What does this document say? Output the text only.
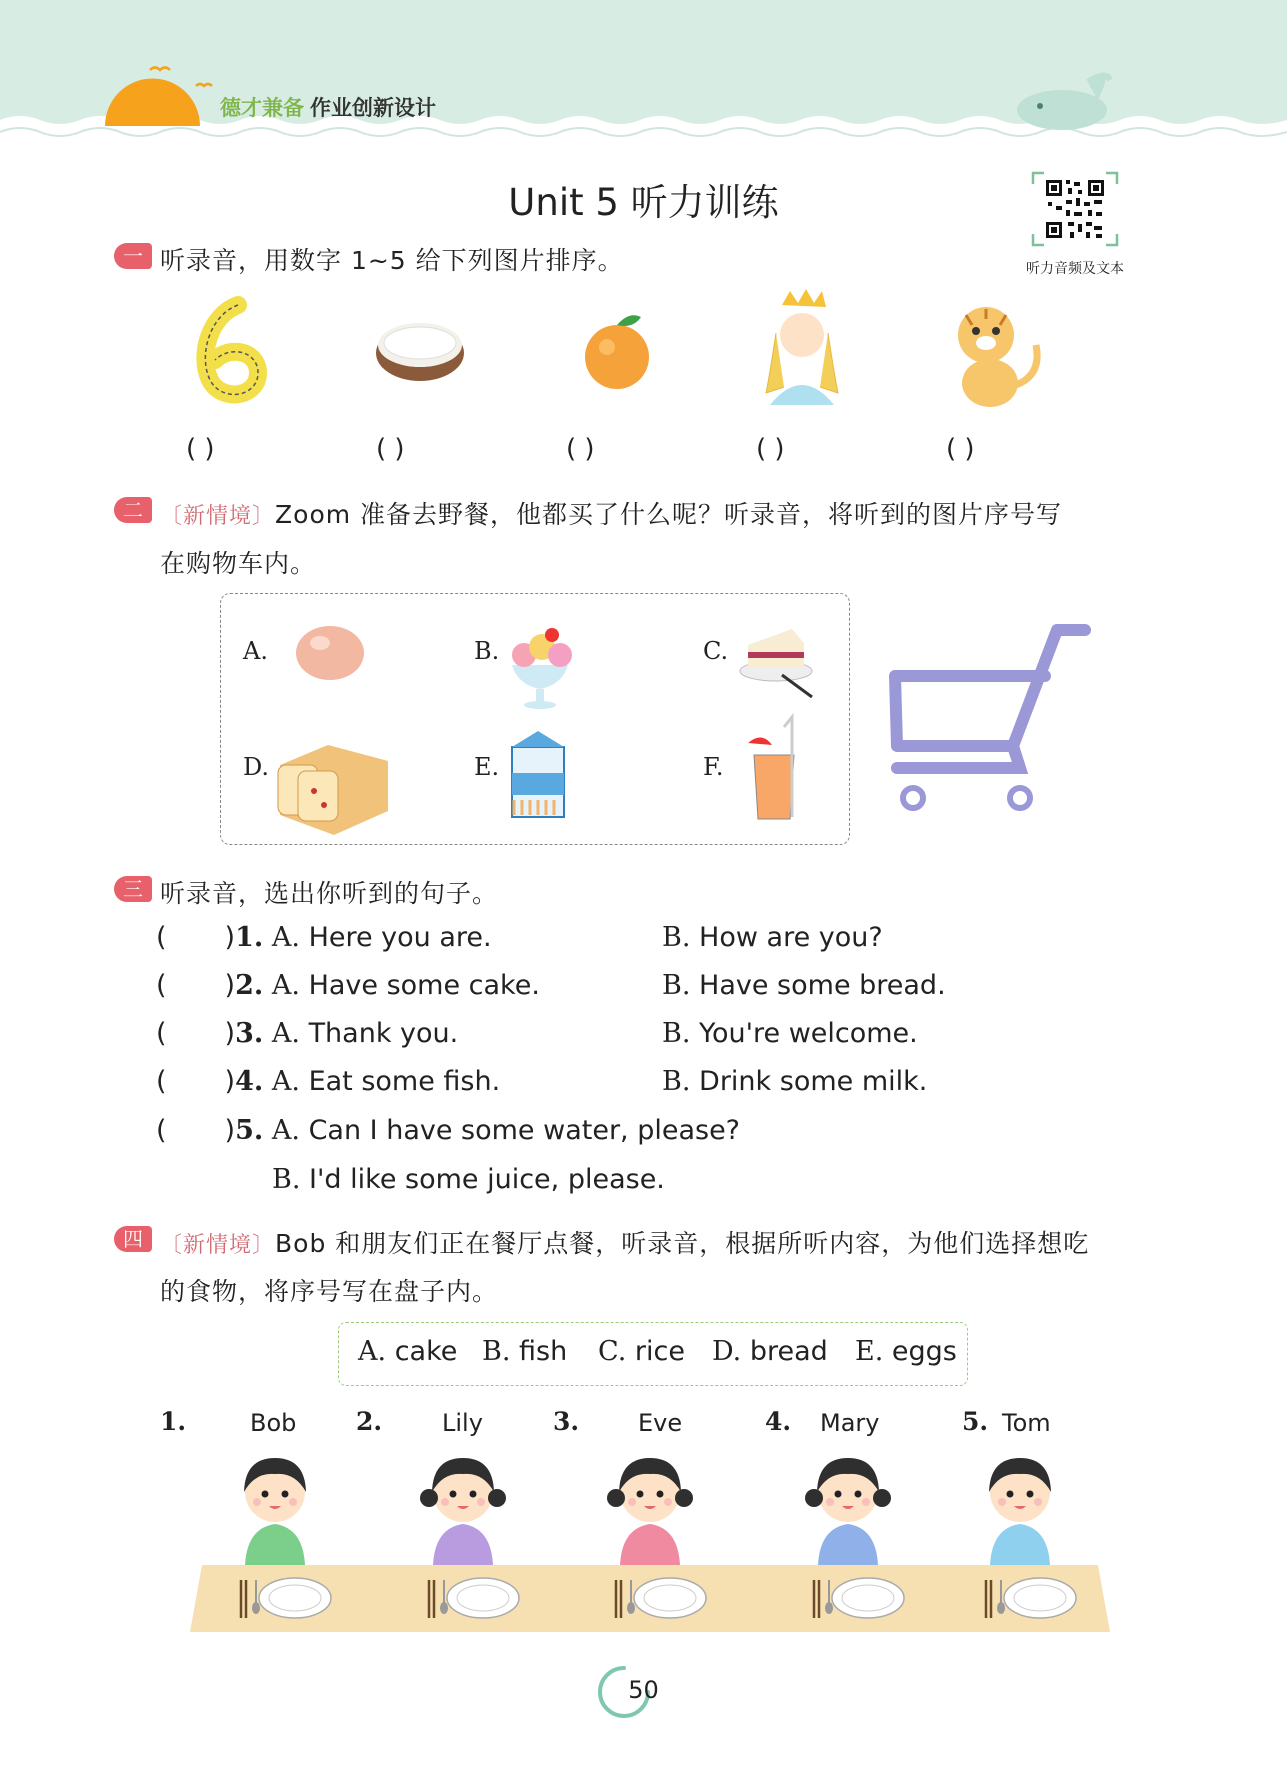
德才兼备 作业创新设计
Unit 5 听力训练
听力音频及文本
一 听录音，用数字 1~5 给下列图片排序。
( )	( )	( )	( )	( )
二 〔新情境〕Zoom 准备去野餐，他都买了什么呢？听录音，将听到的图片序号写
在购物车内。
A.	B.	C.
D.	E.	F.
三 听录音，选出你听到的句子。
( )1. A. Here you are.	B. How are you?
( )2. A. Have some cake.	B. Have some bread.
( )3. A. Thank you.	B. You're welcome.
( )4. A. Eat some fish.	B. Drink some milk.
( )5. A. Can I have some water, please?
B. I'd like some juice, please.
四 〔新情境〕Bob 和朋友们正在餐厅点餐，听录音，根据所听内容，为他们选择想吃
的食物，将序号写在盘子内。
A. cake B. fish C. rice D. bread E. eggs
1.	Bob 2. Lily	3. Eve	4. Mary	5. Tom
50
